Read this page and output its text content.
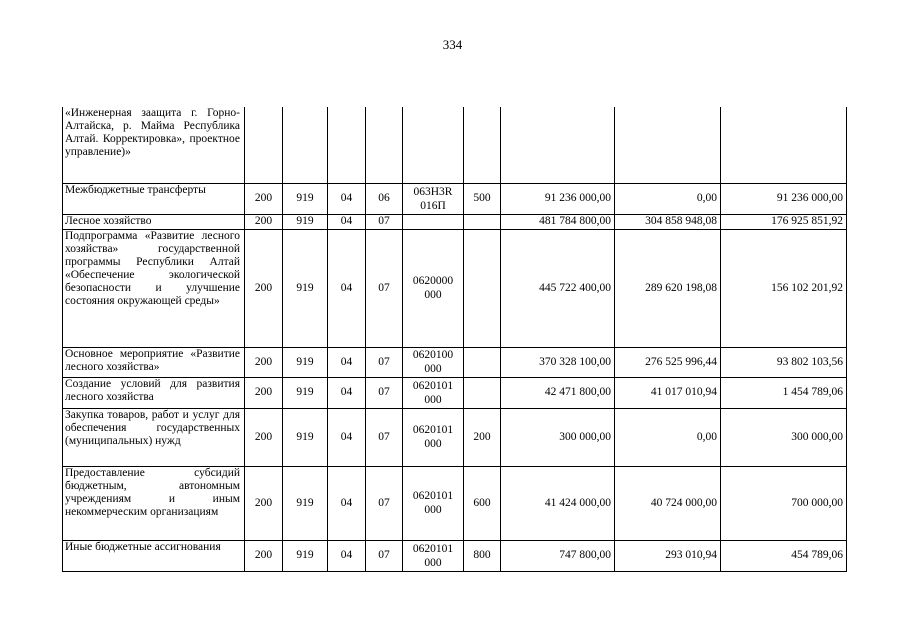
334
«Инженерная заащита г. Горно-Алтайска, р. Майма Республика Алтай. Корректировка», проектное управление)»									
Межбюджетные трансферты	200	919	04	06	063Н3R 016П	500	91 236 000,00	0,00	91 236 000,00
Лесное хозяйство	200	919	04	07			481 784 800,00	304 858 948,08	176 925 851,92
Подпрограмма «Развитие лесного хозяйства» государственной программы Республики Алтай «Обеспечение экологической безопасности и улучшение состояния окружающей среды»	200	919	04	07	0620000 000		445 722 400,00	289 620 198,08	156 102 201,92
Основное мероприятие «Развитие лесного хозяйства»	200	919	04	07	0620100 000		370 328 100,00	276 525 996,44	93 802 103,56
Создание условий для развития лесного хозяйства	200	919	04	07	0620101 000		42 471 800,00	41 017 010,94	1 454 789,06
Закупка товаров, работ и услуг для обеспечения государственных (муниципальных) нужд	200	919	04	07	0620101 000	200	300 000,00	0,00	300 000,00
Предоставление субсидий бюджетным, автономным учреждениям и иным некоммерческим организациям	200	919	04	07	0620101 000	600	41 424 000,00	40 724 000,00	700 000,00
Иные бюджетные ассигнования	200	919	04	07	0620101 000	800	747 800,00	293 010,94	454 789,06
